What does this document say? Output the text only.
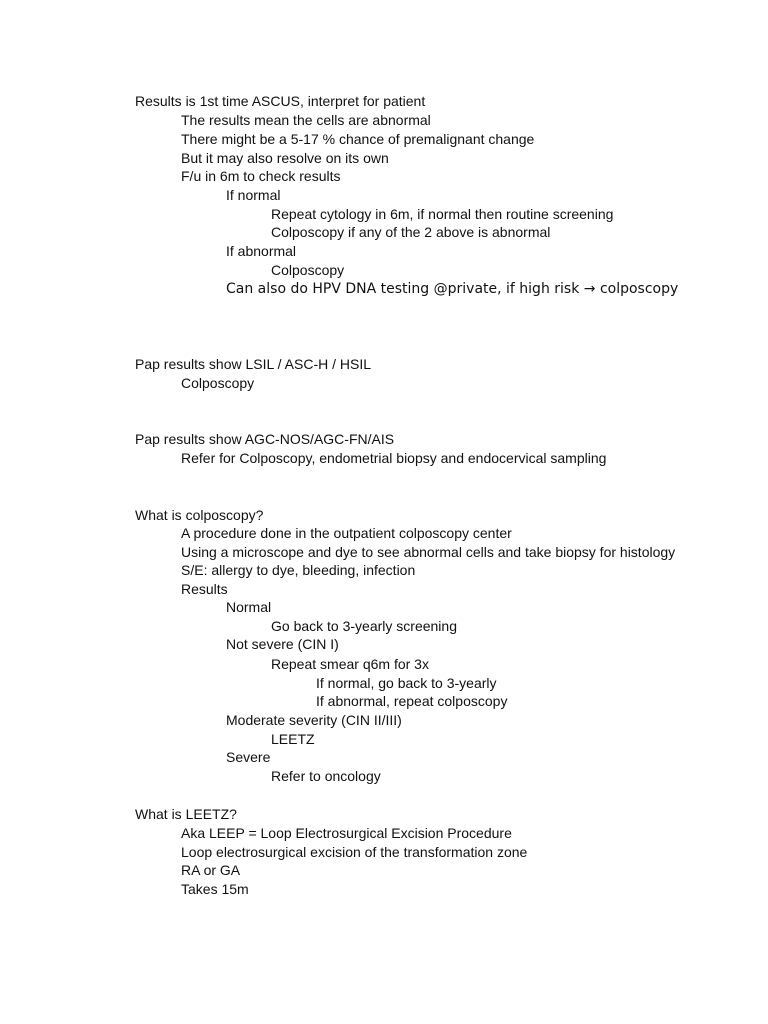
Results is 1st time ASCUS, interpret for patient
The results mean the cells are abnormal
There might be a 5-17 % chance of premalignant change
But it may also resolve on its own
F/u in 6m to check results
If normal
Repeat cytology in 6m, if normal then routine screening
Colposcopy if any of the 2 above is abnormal
If abnormal
Colposcopy
Can also do HPV DNA testing @private, if high risk → colposcopy
Pap results show LSIL / ASC-H / HSIL
Colposcopy
Pap results show AGC-NOS/AGC-FN/AIS
Refer for Colposcopy, endometrial biopsy and endocervical sampling
What is colposcopy?
A procedure done in the outpatient colposcopy center
Using a microscope and dye to see abnormal cells and take biopsy for histology
S/E: allergy to dye, bleeding, infection
Results
Normal
Go back to 3-yearly screening
Not severe (CIN I)
Repeat smear q6m for 3x
If normal, go back to 3-yearly
If abnormal, repeat colposcopy
Moderate severity (CIN II/III)
LEETZ
Severe
Refer to oncology
What is LEETZ?
Aka LEEP = Loop Electrosurgical Excision Procedure
Loop electrosurgical excision of the transformation zone
RA or GA
Takes 15m
